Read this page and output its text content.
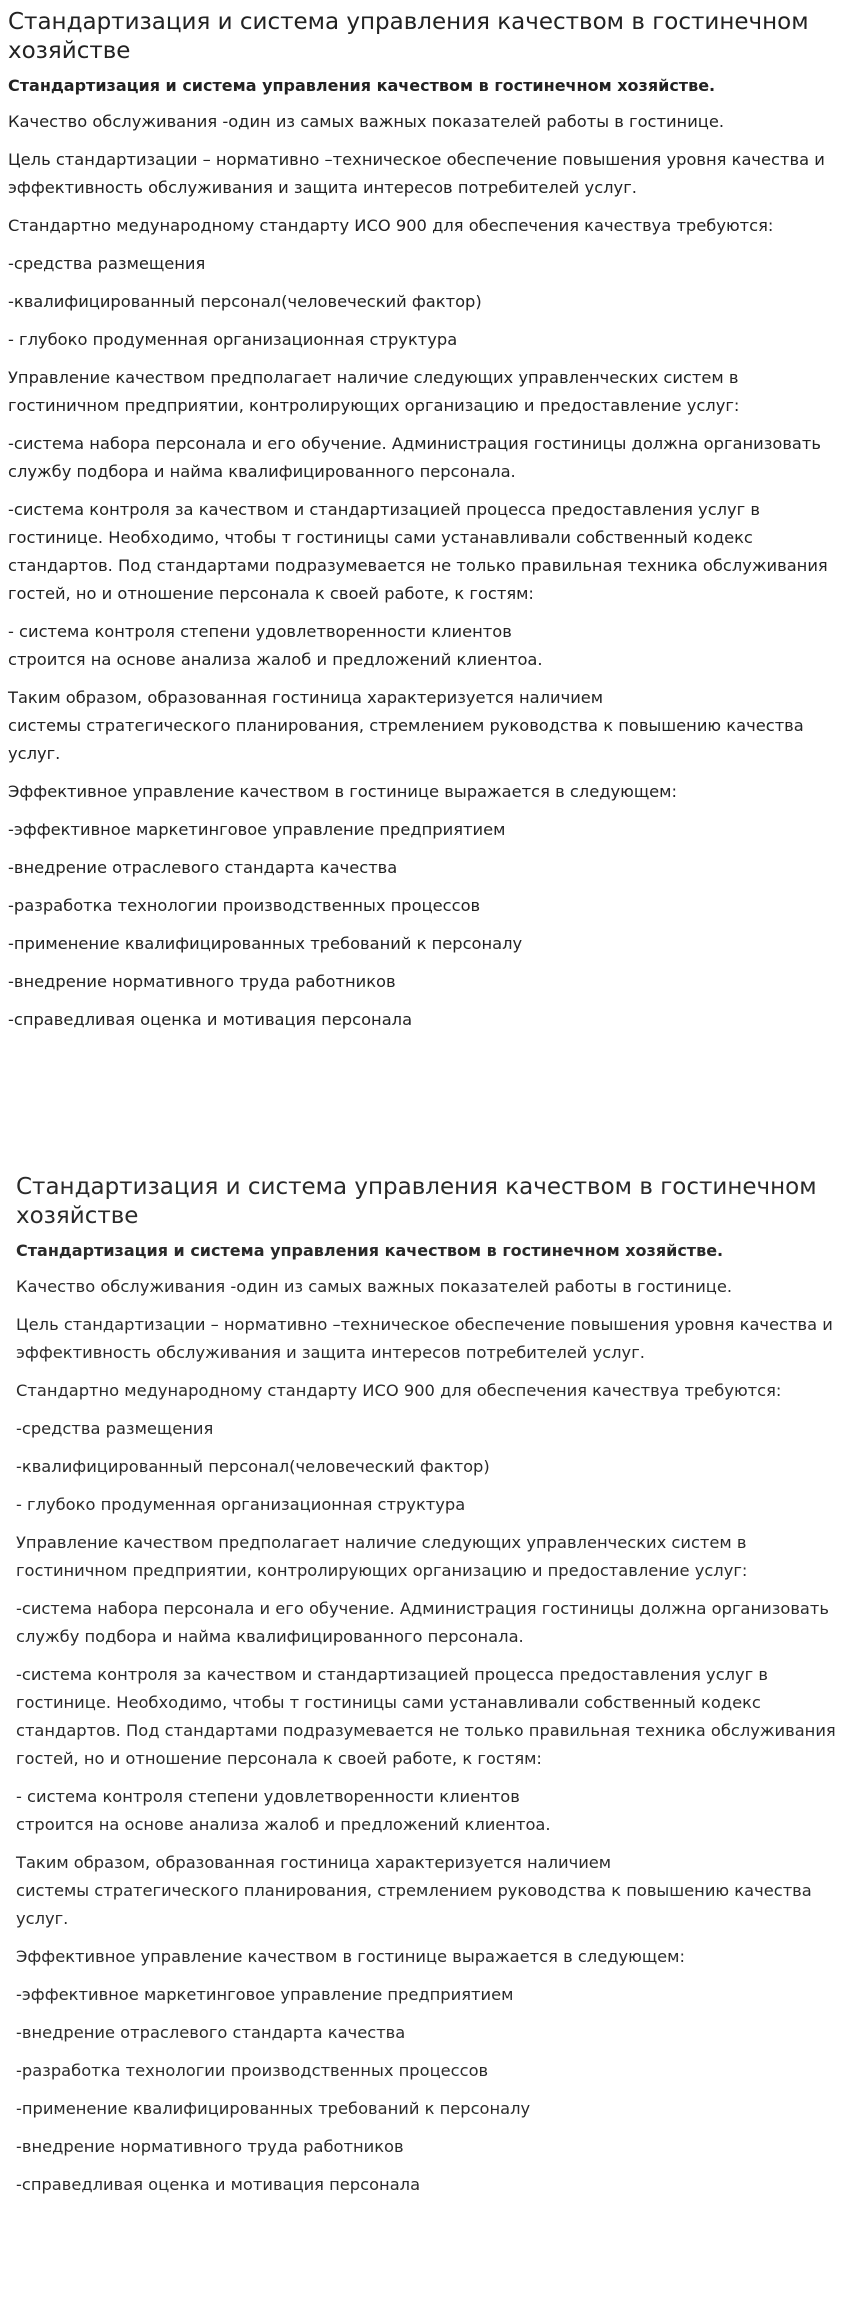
Стандартизация и система управления качеством в гостинечном хозяйстве

Стандартизация и система управления качеством в гостинечном хозяйстве.

Качество обслуживания -один из самых важных показателей работы в гостинице.

Цель стандартизации – нормативно –техническое обеспечение повышения уровня качества и эффективность обслуживания и защита интересов потребителей услуг.

Стандартно медународному стандарту ИСО 900 для обеспечения качествуа требуются:

-средства размещения

-квалифицированный персонал(человеческий фактор)

- глубоко продуменная организационная структура

Управление качеством предполагает наличие следующих управленческих систем в гостиничном предприятии, контролирующих организацию и предоставление услуг:

-система набора персонала и его обучение. Администрация гостиницы должна организовать службу подбора и найма квалифицированного персонала.

-система контроля за качеством и стандартизацией процесса предоставления услуг в гостинице. Необходимо, чтобы т гостиницы сами устанавливали собственный кодекс стандартов. Под стандартами подразумевается не только правильная техника обслуживания гостей, но и отношение персонала к своей работе, к гостям:

- система контроля степени удовлетворенности клиентов
строится на основе анализа жалоб и предложений клиентоа.

Таким образом, образованная гостиница характеризуется наличием
системы стратегического планирования, стремлением руководства к повышению качества услуг.

Эффективное управление качеством в гостинице выражается в следующем:

-эффективное маркетинговое управление предприятием

-внедрение отраслевого стандарта качества

-разработка технологии производственных процессов

-применение квалифицированных требований к персоналу

-внедрение нормативного труда работников

-справедливая оценка и мотивация персонала

Стандартизация и система управления качеством в гостинечном хозяйстве

Стандартизация и система управления качеством в гостинечном хозяйстве.

Качество обслуживания -один из самых важных показателей работы в гостинице.

Цель стандартизации – нормативно –техническое обеспечение повышения уровня качества и эффективность обслуживания и защита интересов потребителей услуг.

Стандартно медународному стандарту ИСО 900 для обеспечения качествуа требуются:

-средства размещения

-квалифицированный персонал(человеческий фактор)

- глубоко продуменная организационная структура

Управление качеством предполагает наличие следующих управленческих систем в гостиничном предприятии, контролирующих организацию и предоставление услуг:

-система набора персонала и его обучение. Администрация гостиницы должна организовать службу подбора и найма квалифицированного персонала.

-система контроля за качеством и стандартизацией процесса предоставления услуг в гостинице. Необходимо, чтобы т гостиницы сами устанавливали собственный кодекс стандартов. Под стандартами подразумевается не только правильная техника обслуживания гостей, но и отношение персонала к своей работе, к гостям:

- система контроля степени удовлетворенности клиентов
строится на основе анализа жалоб и предложений клиентоа.

Таким образом, образованная гостиница характеризуется наличием
системы стратегического планирования, стремлением руководства к повышению качества услуг.

Эффективное управление качеством в гостинице выражается в следующем:

-эффективное маркетинговое управление предприятием

-внедрение отраслевого стандарта качества

-разработка технологии производственных процессов

-применение квалифицированных требований к персоналу

-внедрение нормативного труда работников

-справедливая оценка и мотивация персонала
